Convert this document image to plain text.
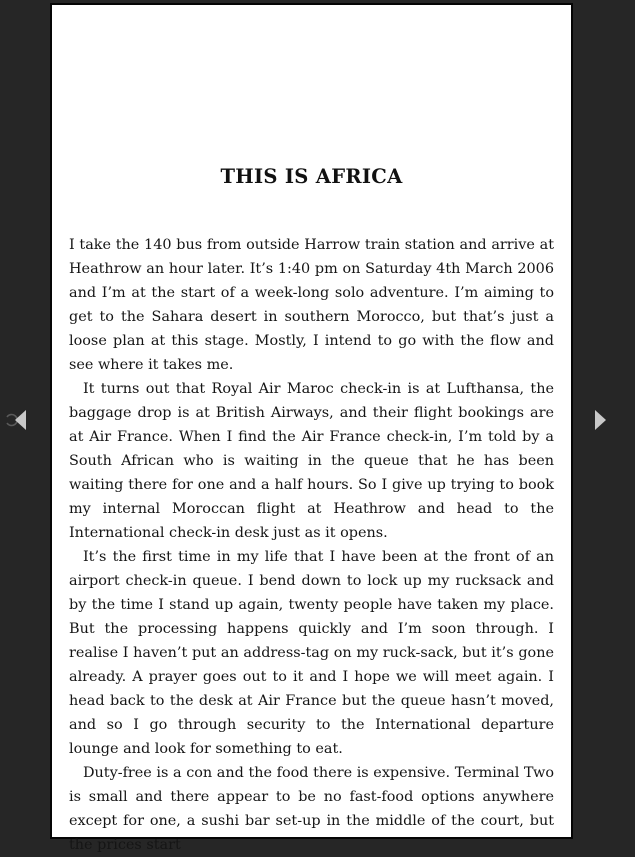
THIS IS AFRICA

I take the 140 bus from outside Harrow train station and arrive at Heathrow an hour later. It’s 1:40 pm on Saturday 4th March 2006 and I’m at the start of a week-long solo adventure. I’m aiming to get to the Sahara desert in southern Morocco, but that’s just a loose plan at this stage. Mostly, I intend to go with the flow and see where it takes me.

It turns out that Royal Air Maroc check-in is at Lufthansa, the baggage drop is at British Airways, and their flight bookings are at Air France. When I find the Air France check-in, I’m told by a South African who is waiting in the queue that he has been waiting there for one and a half hours. So I give up trying to book my internal Moroccan flight at Heathrow and head to the International check-in desk just as it opens.

It’s the first time in my life that I have been at the front of an airport check-in queue. I bend down to lock up my rucksack and by the time I stand up again, twenty people have taken my place. But the processing happens quickly and I’m soon through. I realise I haven’t put an address-tag on my ruck-sack, but it’s gone already. A prayer goes out to it and I hope we will meet again. I head back to the desk at Air France but the queue hasn’t moved, and so I go through security to the International departure lounge and look for something to eat.

Duty-free is a con and the food there is expensive. Terminal Two is small and there appear to be no fast-food options anywhere except for one, a sushi bar set-up in the middle of the court, but the prices start
